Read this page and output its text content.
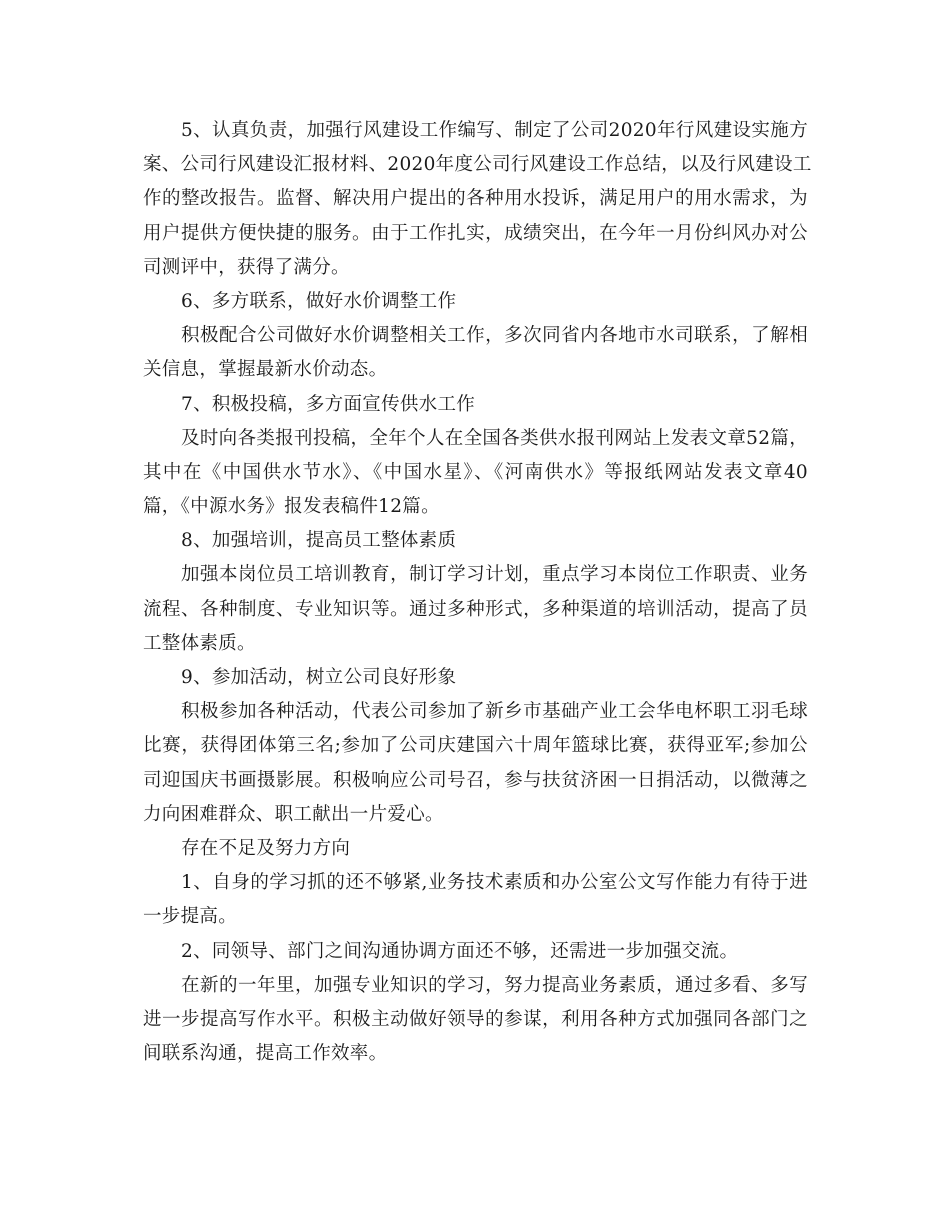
5、认真负责，加强行风建设工作编写、制定了公司2020年行风建设实施方
案、公司行风建设汇报材料、2020年度公司行风建设工作总结，以及行风建设工
作的整改报告。监督、解决用户提出的各种用水投诉，满足用户的用水需求，为
用户提供方便快捷的服务。由于工作扎实，成绩突出，在今年一月份纠风办对公
司测评中，获得了满分。
6、多方联系，做好水价调整工作
积极配合公司做好水价调整相关工作，多次同省内各地市水司联系，了解相
关信息，掌握最新水价动态。
7、积极投稿，多方面宣传供水工作
及时向各类报刊投稿，全年个人在全国各类供水报刊网站上发表文章52篇，
其中在《中国供水节水》、《中国水星》、《河南供水》等报纸网站发表文章40
篇，《中源水务》报发表稿件12篇。
8、加强培训，提高员工整体素质
加强本岗位员工培训教育，制订学习计划，重点学习本岗位工作职责、业务
流程、各种制度、专业知识等。通过多种形式，多种渠道的培训活动，提高了员
工整体素质。
9、参加活动，树立公司良好形象
积极参加各种活动，代表公司参加了新乡市基础产业工会华电杯职工羽毛球
比赛，获得团体第三名;参加了公司庆建国六十周年篮球比赛，获得亚军;参加公
司迎国庆书画摄影展。积极响应公司号召，参与扶贫济困一日捐活动，以微薄之
力向困难群众、职工献出一片爱心。
存在不足及努力方向
1、自身的学习抓的还不够紧,业务技术素质和办公室公文写作能力有待于进
一步提高。
2、同领导、部门之间沟通协调方面还不够，还需进一步加强交流。
在新的一年里，加强专业知识的学习，努力提高业务素质，通过多看、多写
进一步提高写作水平。积极主动做好领导的参谋，利用各种方式加强同各部门之
间联系沟通，提高工作效率。
